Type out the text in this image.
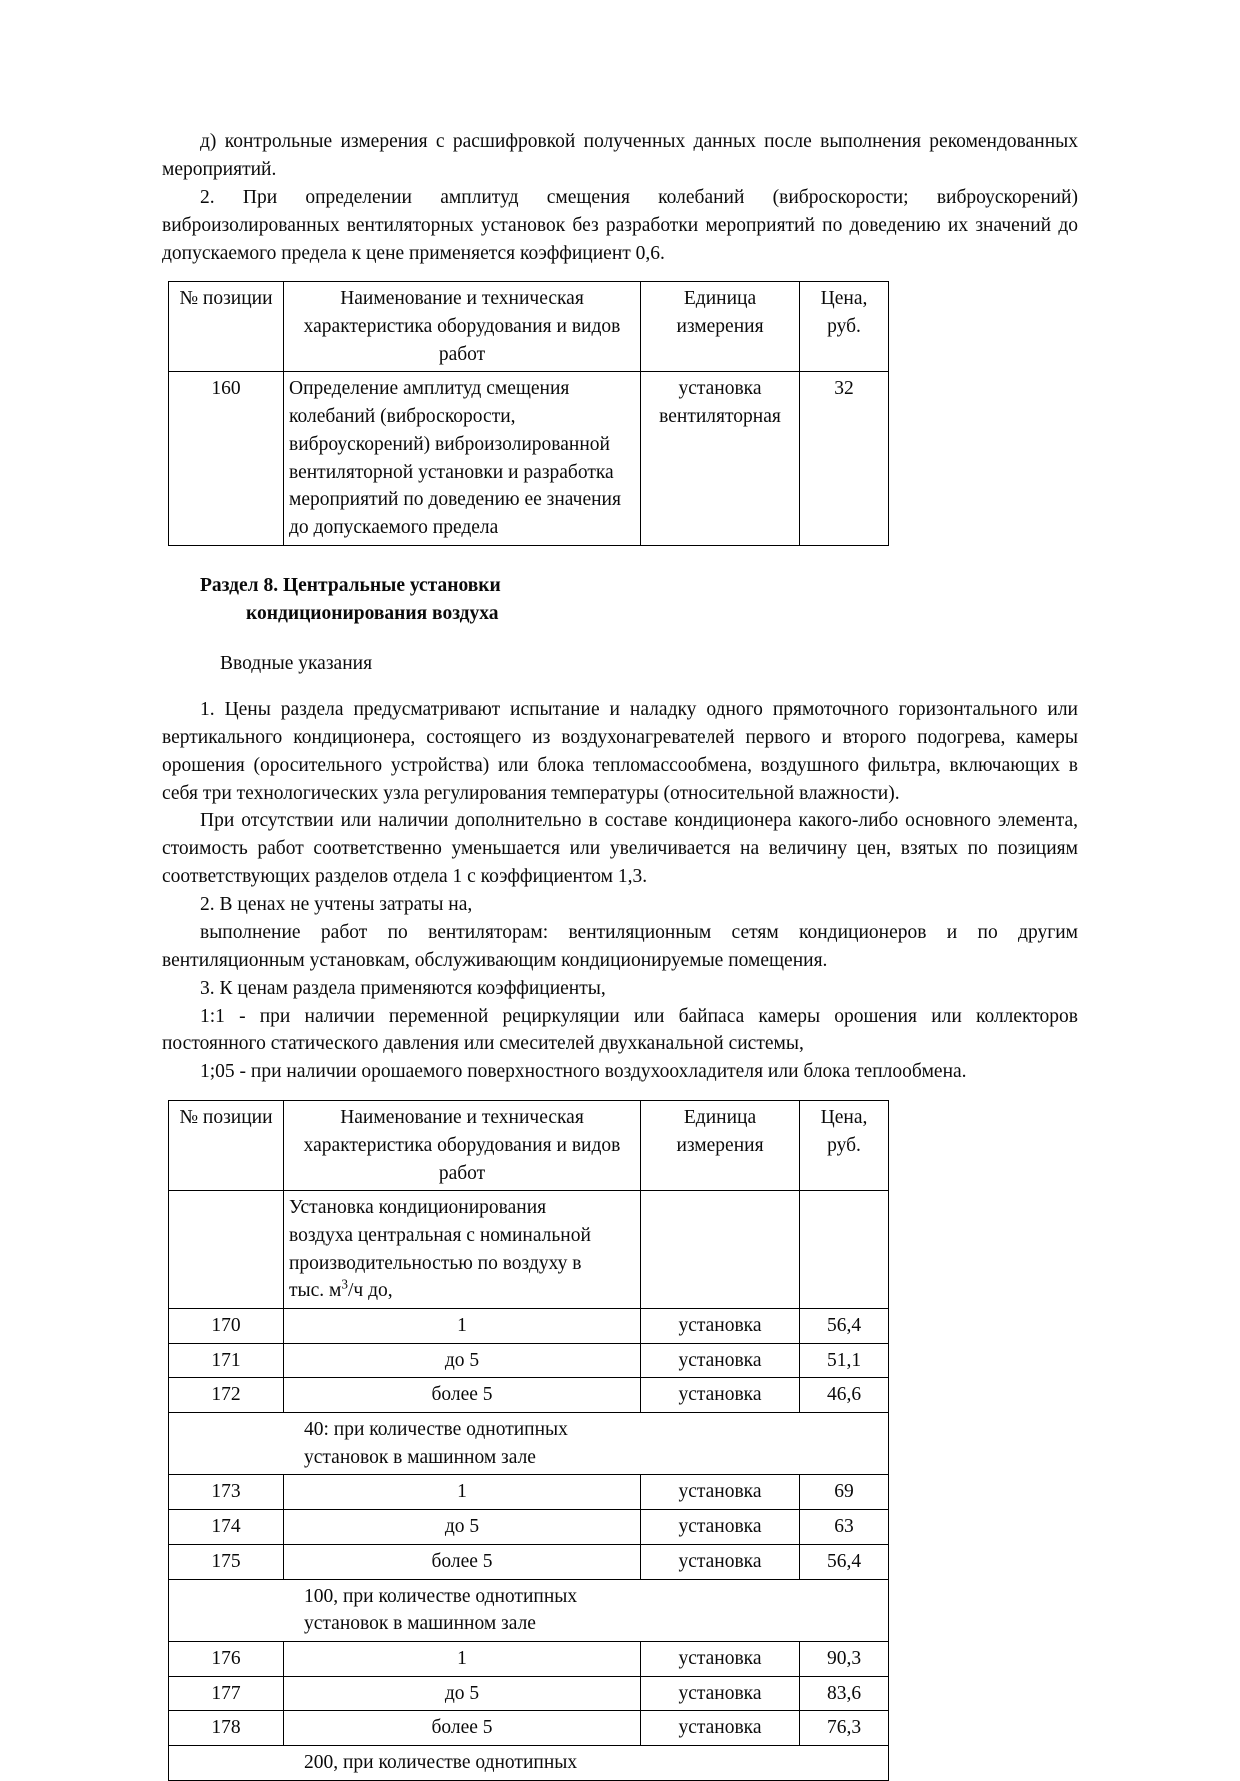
д) контрольные измерения с расшифровкой полученных данных после выполнения рекомендованных мероприятий.

2. При определении амплитуд смещения колебаний (виброскорости; виброускорений) виброизолированных вентиляторных установок без разработки мероприятий по доведению их значений до допускаемого предела к цене применяется коэффициент 0,6.

№ позиции	Наименование и техническая характеристика оборудования и видов работ	Единица измерения	Цена, руб.
160	Определение амплитуд смещения колебаний (виброскорости, виброускорений) виброизолированной вентиляторной установки и разработка мероприятий по доведению ее значения до допускаемого предела	установка вентиляторная	32
Раздел 8. Центральные установки
кондиционирования воздуха
Вводные указания

1. Цены раздела предусматривают испытание и наладку одного прямоточного горизонтального или вертикального кондиционера, состоящего из воздухонагревателей первого и второго подогрева, камеры орошения (оросительного устройства) или блока тепломассообмена, воздушного фильтра, включающих в себя три технологических узла регулирования температуры (относительной влажности).

При отсутствии или наличии дополнительно в составе кондиционера какого-либо основного элемента, стоимость работ соответственно уменьшается или увеличивается на величину цен, взятых по позициям соответствующих разделов отдела 1 с коэффициентом 1,3.

2. В ценах не учтены затраты на,

выполнение работ по вентиляторам: вентиляционным сетям кондиционеров и по другим вентиляционным установкам, обслуживающим кондиционируемые помещения.

3. К ценам раздела применяются коэффициенты,

1:1 - при наличии переменной рециркуляции или байпаса камеры орошения или коллекторов постоянного статического давления или смесителей двухканальной системы,

1;05 - при наличии орошаемого поверхностного воздухоохладителя или блока теплообмена.

№ позиции	Наименование и техническая характеристика оборудования и видов работ	Единица измерения	Цена, руб.

	Установка кондиционирования
воздуха центральная с номинальной
производительностью по воздуху в
тыс. $м^3/ч$ до,		

170	1	установка	56,4
171	до 5	установка	51,1
172	более 5	установка	46,6

40: при количестве однотипных
установок в машинном зале			

173	1	установка	69
174	до 5	установка	63
175	более 5	установка	56,4

100, при количестве однотипных
установок в машинном зале			

176	1	установка	90,3
177	до 5	установка	83,6
178	более 5	установка	76,3

200, при количестве однотипных			
